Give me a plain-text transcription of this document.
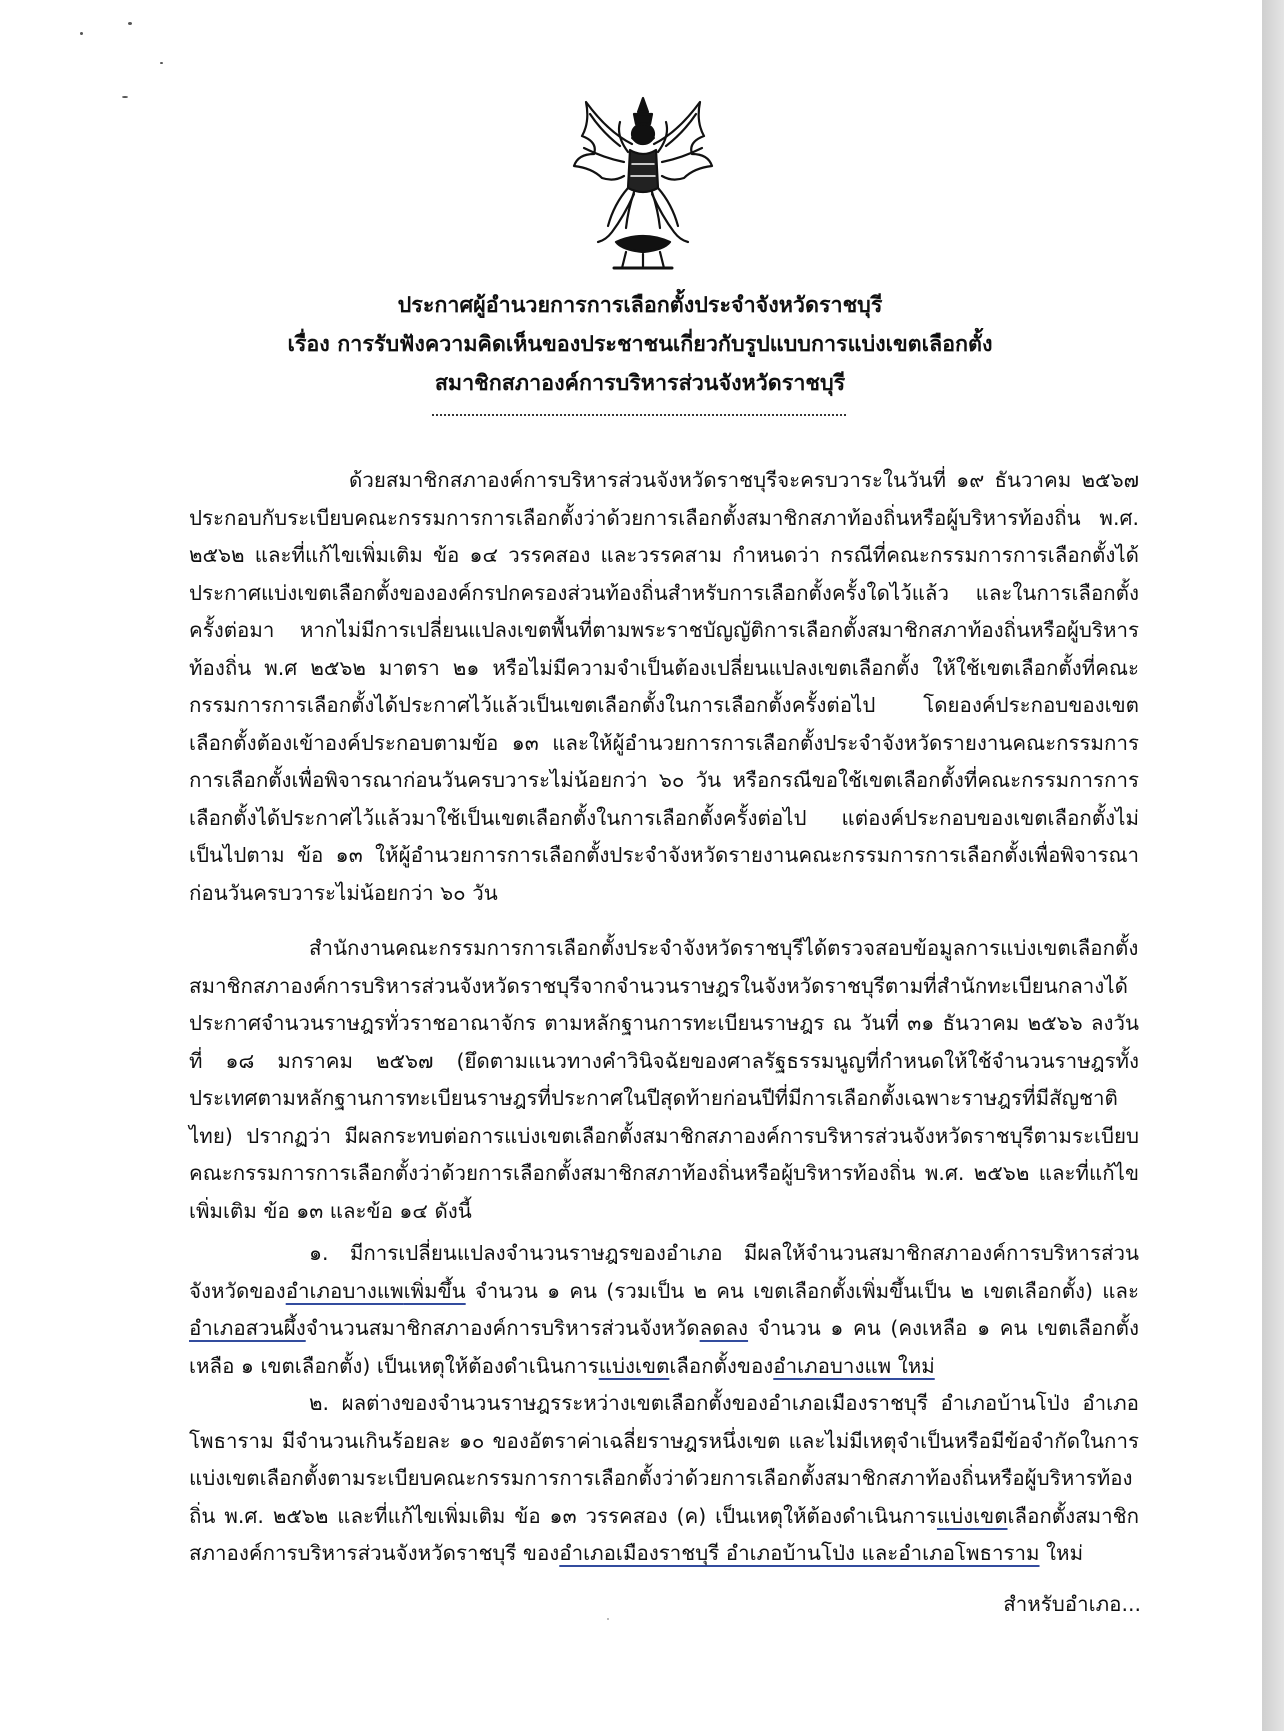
ประกาศผู้อำนวยการการเลือกตั้งประจำจังหวัดราชบุรี
เรื่อง การรับฟังความคิดเห็นของประชาชนเกี่ยวกับรูปแบบการแบ่งเขตเลือกตั้ง
สมาชิกสภาองค์การบริหารส่วนจังหวัดราชบุรี

ด้วยสมาชิกสภาองค์การบริหารส่วนจังหวัดราชบุรีจะครบวาระในวันที่ ๑๙ ธันวาคม ๒๕๖๗ ประกอบกับระเบียบคณะกรรมการการเลือกตั้งว่าด้วยการเลือกตั้งสมาชิกสภาท้องถิ่นหรือผู้บริหารท้องถิ่น พ.ศ. ๒๕๖๒ และที่แก้ไขเพิ่มเติม ข้อ ๑๔ วรรคสอง และวรรคสาม กำหนดว่า กรณีที่คณะกรรมการการเลือกตั้งได้ประกาศแบ่งเขตเลือกตั้งขององค์กรปกครองส่วนท้องถิ่นสำหรับการเลือกตั้งครั้งใดไว้แล้ว และในการเลือกตั้งครั้งต่อมา หากไม่มีการเปลี่ยนแปลงเขตพื้นที่ตามพระราชบัญญัติการเลือกตั้งสมาชิกสภาท้องถิ่นหรือผู้บริหารท้องถิ่น พ.ศ ๒๕๖๒ มาตรา ๒๑ หรือไม่มีความจำเป็นต้องเปลี่ยนแปลงเขตเลือกตั้ง ให้ใช้เขตเลือกตั้งที่คณะกรรมการการเลือกตั้งได้ประกาศไว้แล้วเป็นเขตเลือกตั้งในการเลือกตั้งครั้งต่อไป โดยองค์ประกอบของเขตเลือกตั้งต้องเข้าองค์ประกอบตามข้อ ๑๓ และให้ผู้อำนวยการการเลือกตั้งประจำจังหวัดรายงานคณะกรรมการการเลือกตั้งเพื่อพิจารณาก่อนวันครบวาระไม่น้อยกว่า ๖๐ วัน หรือกรณีขอใช้เขตเลือกตั้งที่คณะกรรมการการเลือกตั้งได้ประกาศไว้แล้วมาใช้เป็นเขตเลือกตั้งในการเลือกตั้งครั้งต่อไป แต่องค์ประกอบของเขตเลือกตั้งไม่เป็นไปตาม ข้อ ๑๓ ให้ผู้อำนวยการการเลือกตั้งประจำจังหวัดรายงานคณะกรรมการการเลือกตั้งเพื่อพิจารณาก่อนวันครบวาระไม่น้อยกว่า ๖๐ วัน

สำนักงานคณะกรรมการการเลือกตั้งประจำจังหวัดราชบุรีได้ตรวจสอบข้อมูลการแบ่งเขตเลือกตั้งสมาชิกสภาองค์การบริหารส่วนจังหวัดราชบุรีจากจำนวนราษฎรในจังหวัดราชบุรีตามที่สำนักทะเบียนกลางได้ประกาศจำนวนราษฎรทั่วราชอาณาจักร ตามหลักฐานการทะเบียนราษฎร ณ วันที่ ๓๑ ธันวาคม ๒๕๖๖ ลงวันที่ ๑๘ มกราคม ๒๕๖๗ (ยึดตามแนวทางคำวินิจฉัยของศาลรัฐธรรมนูญที่กำหนดให้ใช้จำนวนราษฎรทั้งประเทศตามหลักฐานการทะเบียนราษฎรที่ประกาศในปีสุดท้ายก่อนปีที่มีการเลือกตั้งเฉพาะราษฎรที่มีสัญชาติไทย) ปรากฏว่า มีผลกระทบต่อการแบ่งเขตเลือกตั้งสมาชิกสภาองค์การบริหารส่วนจังหวัดราชบุรีตามระเบียบคณะกรรมการการเลือกตั้งว่าด้วยการเลือกตั้งสมาชิกสภาท้องถิ่นหรือผู้บริหารท้องถิ่น พ.ศ. ๒๕๖๒ และที่แก้ไขเพิ่มเติม ข้อ ๑๓ และข้อ ๑๔ ดังนี้

๑. มีการเปลี่ยนแปลงจำนวนราษฎรของอำเภอ มีผลให้จำนวนสมาชิกสภาองค์การบริหารส่วนจังหวัดของอำเภอบางแพเพิ่มขึ้น จำนวน ๑ คน (รวมเป็น ๒ คน เขตเลือกตั้งเพิ่มขึ้นเป็น ๒ เขตเลือกตั้ง) และ อำเภอสวนผึ้งจำนวนสมาชิกสภาองค์การบริหารส่วนจังหวัดลดลง จำนวน ๑ คน (คงเหลือ ๑ คน เขตเลือกตั้งเหลือ ๑ เขตเลือกตั้ง) เป็นเหตุให้ต้องดำเนินการแบ่งเขตเลือกตั้งของอำเภอบางแพ ใหม่

๒. ผลต่างของจำนวนราษฎรระหว่างเขตเลือกตั้งของอำเภอเมืองราชบุรี อำเภอบ้านโป่ง อำเภอโพธาราม มีจำนวนเกินร้อยละ ๑๐ ของอัตราค่าเฉลี่ยราษฎรหนึ่งเขต และไม่มีเหตุจำเป็นหรือมีข้อจำกัดในการแบ่งเขตเลือกตั้งตามระเบียบคณะกรรมการการเลือกตั้งว่าด้วยการเลือกตั้งสมาชิกสภาท้องถิ่นหรือผู้บริหารท้องถิ่น พ.ศ. ๒๕๖๒ และที่แก้ไขเพิ่มเติม ข้อ ๑๓ วรรคสอง (ค) เป็นเหตุให้ต้องดำเนินการแบ่งเขตเลือกตั้งสมาชิกสภาองค์การบริหารส่วนจังหวัดราชบุรี ของอำเภอเมืองราชบุรี อำเภอบ้านโป่ง และอำเภอโพธาราม ใหม่

สำหรับอำเภอ...
